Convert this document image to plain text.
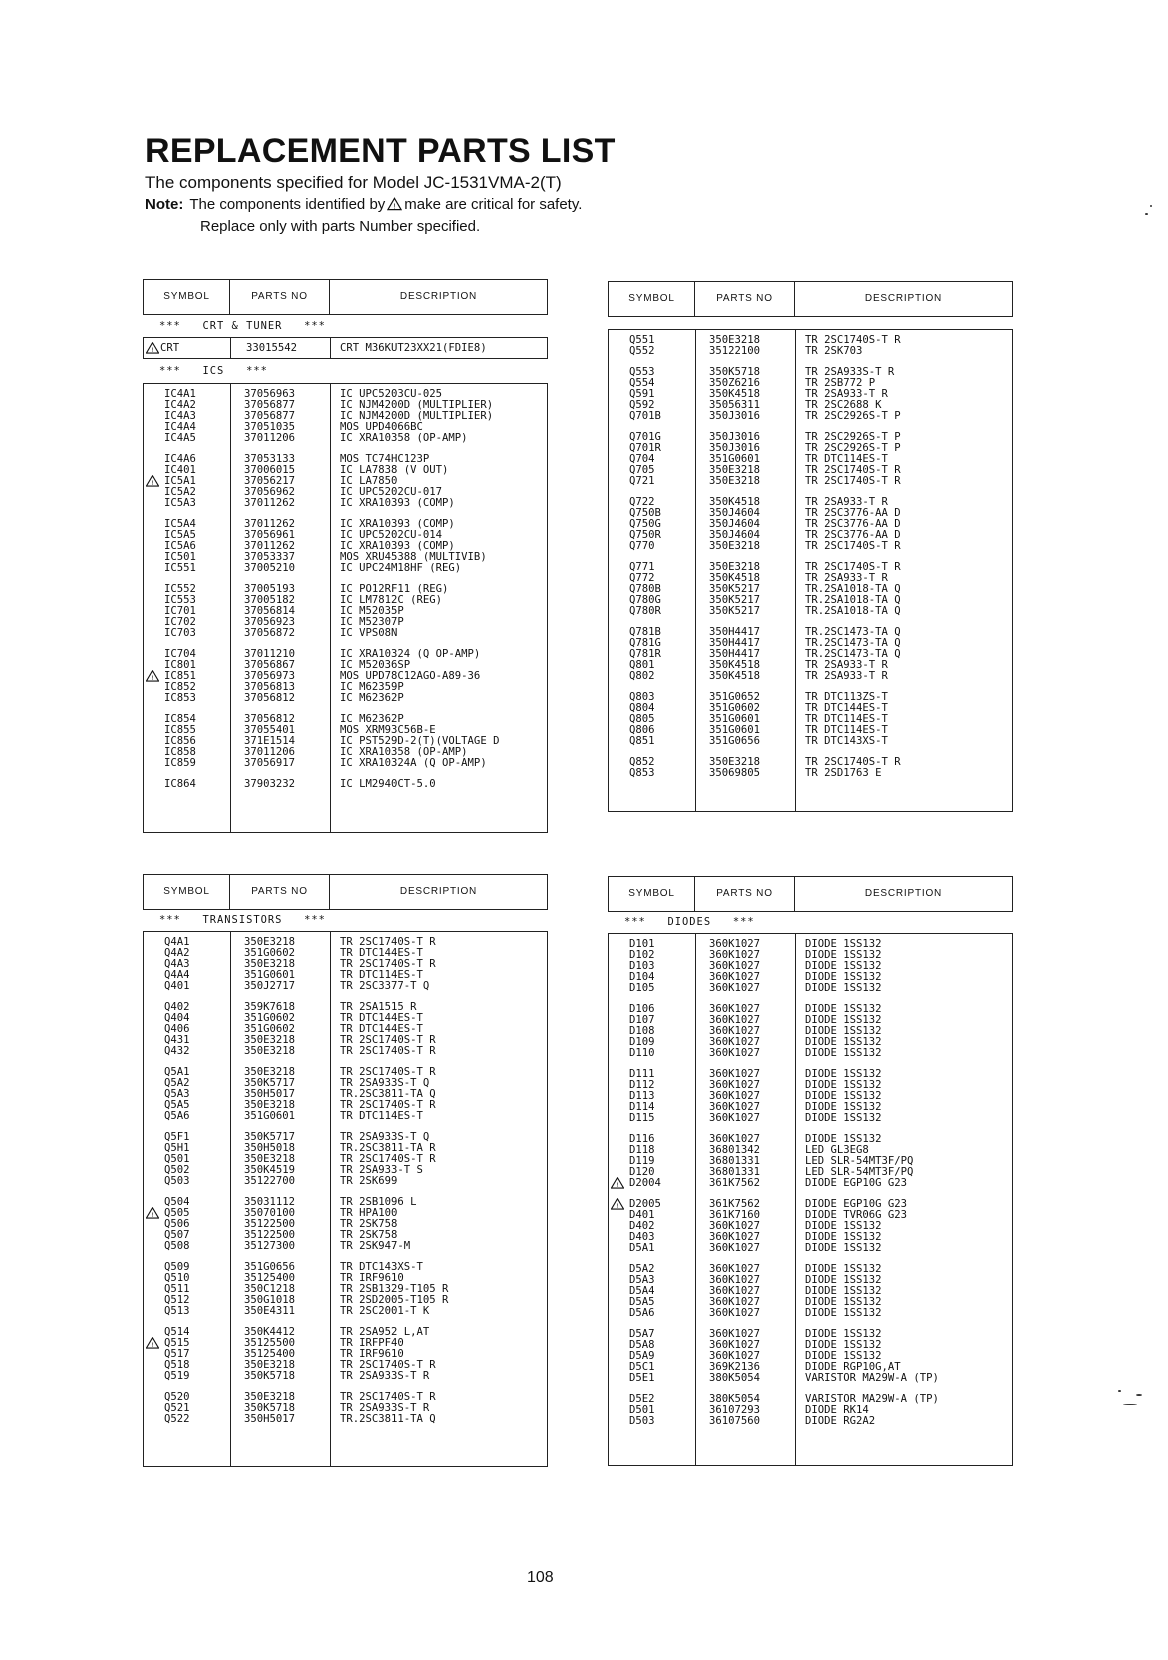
REPLACEMENT PARTS LIST
The components specified for Model JC-1531VMA-2(T)
Note: The components identified by ! make are critical for safety.
Replace only with parts Number specified.
SYMBOL	PARTS NO	DESCRIPTION
***   CRT & TUNER   ***
! CRT	33015542	CRT M36KUT23XX21(FDIE8)
***   ICS   ***
IC4A1	37056963	IC UPC5203CU-025
IC4A2	37056877	IC NJM4200D (MULTIPLIER)
IC4A3	37056877	IC NJM4200D (MULTIPLIER)
IC4A4	37051035	MOS UPD4066BC
IC4A5	37011206	IC XRA10358 (OP-AMP)
IC4A6	37053133	MOS TC74HC123P
IC401	37006015	IC LA7838 (V OUT)
! IC5A1	37056217	IC LA7850
IC5A2	37056962	IC UPC5202CU-017
IC5A3	37011262	IC XRA10393 (COMP)
IC5A4	37011262	IC XRA10393 (COMP)
IC5A5	37056961	IC UPC5202CU-014
IC5A6	37011262	IC XRA10393 (COMP)
IC501	37053337	MOS XRU45388 (MULTIVIB)
IC551	37005210	IC UPC24M18HF (REG)
IC552	37005193	IC PO12RF11 (REG)
IC553	37005182	IC LM7812C (REG)
IC701	37056814	IC M52035P
IC702	37056923	IC M52307P
IC703	37056872	IC VPS08N
IC704	37011210	IC XRA10324 (Q OP-AMP)
IC801	37056867	IC M52036SP
! IC851	37056973	MOS UPD78C12AGO-A89-36
IC852	37056813	IC M62359P
IC853	37056812	IC M62362P
IC854	37056812	IC M62362P
IC855	37055401	MOS XRM93C56B-E
IC856	371E1514	IC PST529D-2(T)(VOLTAGE D
IC858	37011206	IC XRA10358 (OP-AMP)
IC859	37056917	IC XRA10324A (Q OP-AMP)
IC864	37903232	IC LM2940CT-5.0
SYMBOL	PARTS NO	DESCRIPTION
Q551	350E3218	TR 2SC1740S-T R
Q552	35122100	TR 2SK703
Q553	350K5718	TR 2SA933S-T R
Q554	350Z6216	TR 2SB772 P
Q591	350K4518	TR 2SA933-T R
Q592	35056311	TR 2SC2688 K
Q701B	350J3016	TR 2SC2926S-T P
Q701G	350J3016	TR 2SC2926S-T P
Q701R	350J3016	TR 2SC2926S-T P
Q704	351G0601	TR DTC114ES-T
Q705	350E3218	TR 2SC1740S-T R
Q721	350E3218	TR 2SC1740S-T R
Q722	350K4518	TR 2SA933-T R
Q750B	350J4604	TR 2SC3776-AA D
Q750G	350J4604	TR 2SC3776-AA D
Q750R	350J4604	TR 2SC3776-AA D
Q770	350E3218	TR 2SC1740S-T R
Q771	350E3218	TR 2SC1740S-T R
Q772	350K4518	TR 2SA933-T R
Q780B	350K5217	TR.2SA1018-TA Q
Q780G	350K5217	TR.2SA1018-TA Q
Q780R	350K5217	TR.2SA1018-TA Q
Q781B	350H4417	TR.2SC1473-TA Q
Q781G	350H4417	TR.2SC1473-TA Q
Q781R	350H4417	TR.2SC1473-TA Q
Q801	350K4518	TR 2SA933-T R
Q802	350K4518	TR 2SA933-T R
Q803	351G0652	TR DTC113ZS-T
Q804	351G0602	TR DTC144ES-T
Q805	351G0601	TR DTC114ES-T
Q806	351G0601	TR DTC114ES-T
Q851	351G0656	TR DTC143XS-T
Q852	350E3218	TR 2SC1740S-T R
Q853	35069805	TR 2SD1763 E
SYMBOL	PARTS NO	DESCRIPTION
***   TRANSISTORS   ***
Q4A1	350E3218	TR 2SC1740S-T R
Q4A2	351G0602	TR DTC144ES-T
Q4A3	350E3218	TR 2SC1740S-T R
Q4A4	351G0601	TR DTC114ES-T
Q401	350J2717	TR 2SC3377-T Q
Q402	359K7618	TR 2SA1515 R
Q404	351G0602	TR DTC144ES-T
Q406	351G0602	TR DTC144ES-T
Q431	350E3218	TR 2SC1740S-T R
Q432	350E3218	TR 2SC1740S-T R
Q5A1	350E3218	TR 2SC1740S-T R
Q5A2	350K5717	TR 2SA933S-T Q
Q5A3	350H5017	TR.2SC3811-TA Q
Q5A5	350E3218	TR 2SC1740S-T R
Q5A6	351G0601	TR DTC114ES-T
Q5F1	350K5717	TR 2SA933S-T Q
Q5H1	350H5018	TR.2SC3811-TA R
Q501	350E3218	TR 2SC1740S-T R
Q502	350K4519	TR 2SA933-T S
Q503	35122700	TR 2SK699
Q504	35031112	TR 2SB1096 L
! Q505	35070100	TR HPA100
Q506	35122500	TR 2SK758
Q507	35122500	TR 2SK758
Q508	35127300	TR 2SK947-M
Q509	351G0656	TR DTC143XS-T
Q510	35125400	TR IRF9610
Q511	350C1218	TR 2SB1329-T105 R
Q512	350G1018	TR 2SD2005-T105 R
Q513	350E4311	TR 2SC2001-T K
Q514	350K4412	TR 2SA952 L,AT
! Q515	35125500	TR IRFPF40
Q517	35125400	TR IRF9610
Q518	350E3218	TR 2SC1740S-T R
Q519	350K5718	TR 2SA933S-T R
Q520	350E3218	TR 2SC1740S-T R
Q521	350K5718	TR 2SA933S-T R
Q522	350H5017	TR.2SC3811-TA Q
SYMBOL	PARTS NO	DESCRIPTION
***   DIODES   ***
D101	360K1027	DIODE 1SS132
D102	360K1027	DIODE 1SS132
D103	360K1027	DIODE 1SS132
D104	360K1027	DIODE 1SS132
D105	360K1027	DIODE 1SS132
D106	360K1027	DIODE 1SS132
D107	360K1027	DIODE 1SS132
D108	360K1027	DIODE 1SS132
D109	360K1027	DIODE 1SS132
D110	360K1027	DIODE 1SS132
D111	360K1027	DIODE 1SS132
D112	360K1027	DIODE 1SS132
D113	360K1027	DIODE 1SS132
D114	360K1027	DIODE 1SS132
D115	360K1027	DIODE 1SS132
D116	360K1027	DIODE 1SS132
D118	36801342	LED GL3EG8
D119	36801331	LED SLR-54MT3F/PQ
D120	36801331	LED SLR-54MT3F/PQ
! D2004	361K7562	DIODE EGP10G G23
! D2005	361K7562	DIODE EGP10G G23
D401	361K7160	DIODE TVR06G G23
D402	360K1027	DIODE 1SS132
D403	360K1027	DIODE 1SS132
D5A1	360K1027	DIODE 1SS132
D5A2	360K1027	DIODE 1SS132
D5A3	360K1027	DIODE 1SS132
D5A4	360K1027	DIODE 1SS132
D5A5	360K1027	DIODE 1SS132
D5A6	360K1027	DIODE 1SS132
D5A7	360K1027	DIODE 1SS132
D5A8	360K1027	DIODE 1SS132
D5A9	360K1027	DIODE 1SS132
D5C1	369K2136	DIODE RGP10G,AT
D5E1	380K5054	VARISTOR MA29W-A (TP)
D5E2	380K5054	VARISTOR MA29W-A (TP)
D501	36107293	DIODE RK14
D503	36107560	DIODE RG2A2
108
